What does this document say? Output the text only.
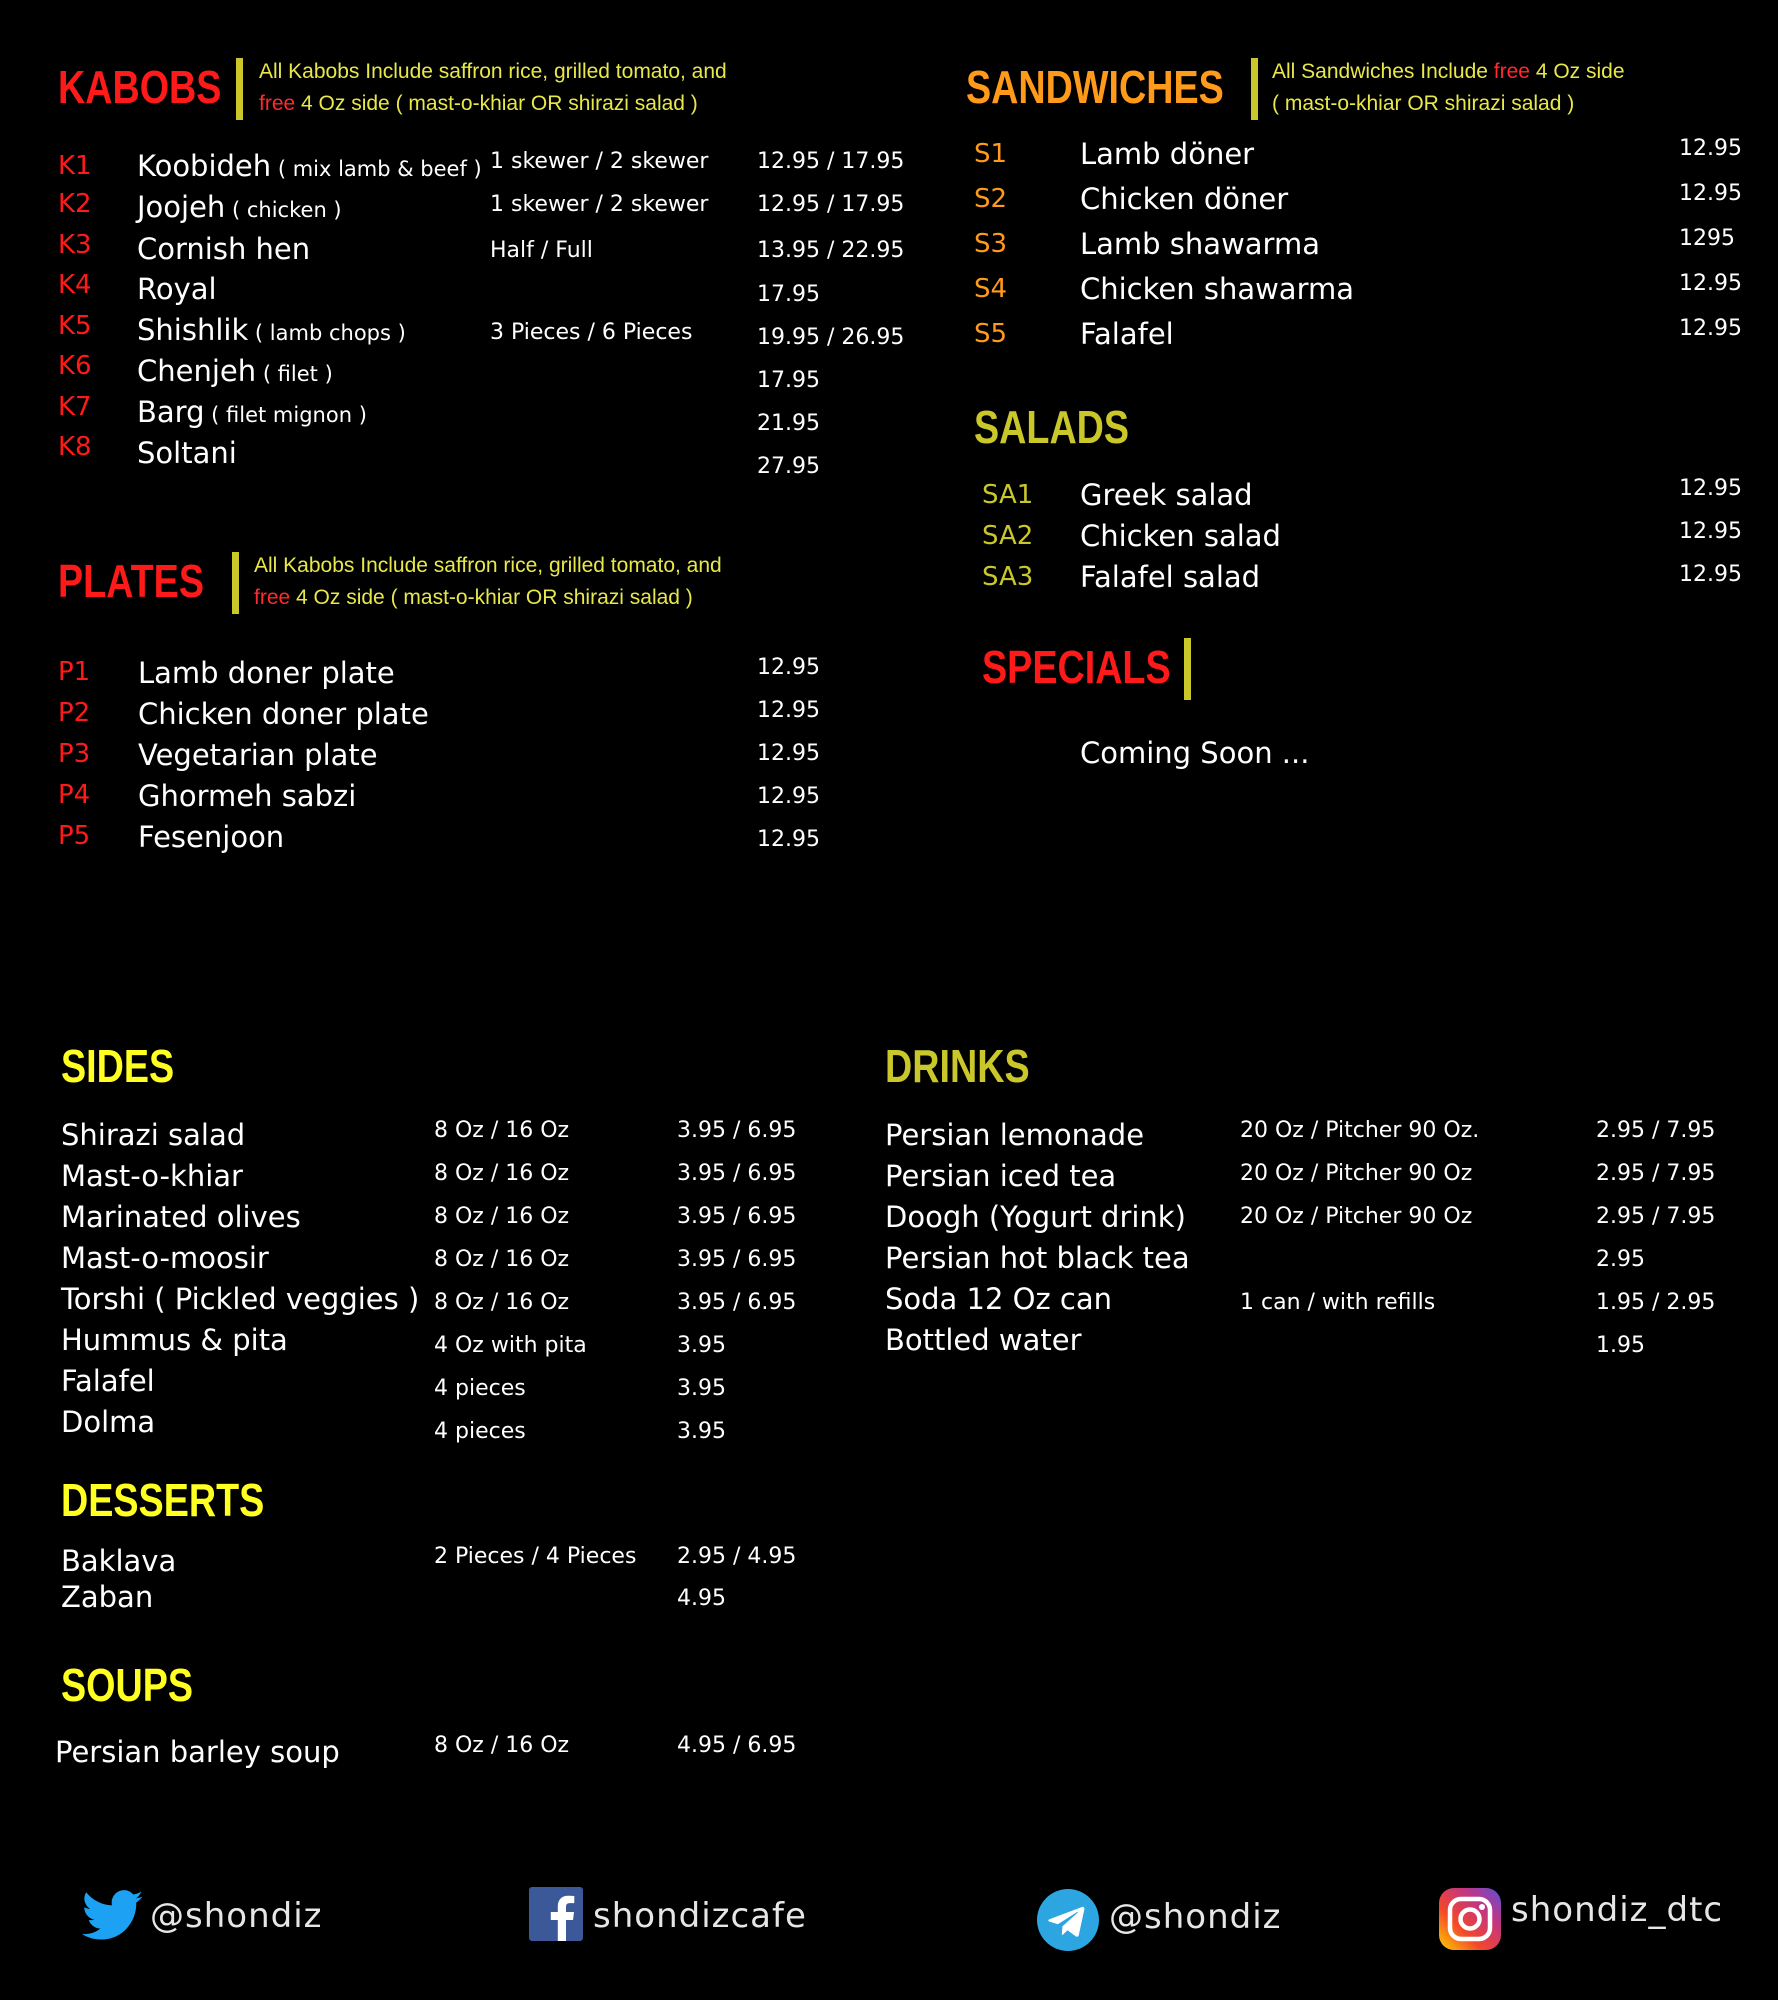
KABOBS All Kabobs Include saffron rice, grilled tomato, and
free 4 Oz side ( mast-o-khiar OR shirazi salad )
K1 Koobideh ( mix lamb & beef ) 1 skewer / 2 skewer 12.95 / 17.95
K2 Joojeh ( chicken )	1 skewer / 2 skewer 12.95 / 17.95
K3 Cornish hen	Half / Full	13.95 / 22.95
K4 Royal	17.95
K5 Shishlik ( lamb chops )	3 Pieces / 6 Pieces	19.95 / 26.95
K6 Chenjeh ( filet )	17.95
K7 Barg ( filet mignon )	21.95
K8 Soltani	27.95
PLATES All Kabobs Include saffron rice, grilled tomato, and
free 4 Oz side ( mast-o-khiar OR shirazi salad )
P1 Lamb doner plate	12.95
P2 Chicken doner plate	12.95
P3 Vegetarian plate	12.95
P4 Ghormeh sabzi	12.95
P5 Fesenjoon	12.95
SANDWICHES All Sandwiches Include free 4 Oz side
( mast-o-khiar OR shirazi salad )
S1	Lamb döner	12.95
S2	Chicken döner	12.95
S3	Lamb shawarma	1295
S4	Chicken shawarma	12.95
S5	Falafel	12.95
SALADS
SA1 Greek salad	12.95
SA2 Chicken salad	12.95
SA3 Falafel salad	12.95
SPECIALS
Coming Soon ...
SIDES
Shirazi salad	8 Oz / 16 Oz	3.95 / 6.95
Mast-o-khiar	8 Oz / 16 Oz	3.95 / 6.95
Marinated olives	8 Oz / 16 Oz	3.95 / 6.95
Mast-o-moosir	8 Oz / 16 Oz	3.95 / 6.95
Torshi ( Pickled veggies ) 8 Oz / 16 Oz	3.95 / 6.95
Hummus & pita	4 Oz with pita	3.95
Falafel	4 pieces	3.95
Dolma	4 pieces	3.95
DESSERTS
Baklava	2 Pieces / 4 Pieces 2.95 / 4.95
Zaban	4.95
SOUPS
Persian barley soup	8 Oz / 16 Oz	4.95 / 6.95
DRINKS
Persian lemonade	20 Oz / Pitcher 90 Oz.	2.95 / 7.95
Persian iced tea	20 Oz / Pitcher 90 Oz	2.95 / 7.95
Doogh (Yogurt drink) 20 Oz / Pitcher 90 Oz	2.95 / 7.95
Persian hot black tea	2.95
Soda 12 Oz can	1 can / with refills	1.95 / 2.95
Bottled water	1.95
@shondiz	shondizcafe	@shondiz	shondiz_dtc
